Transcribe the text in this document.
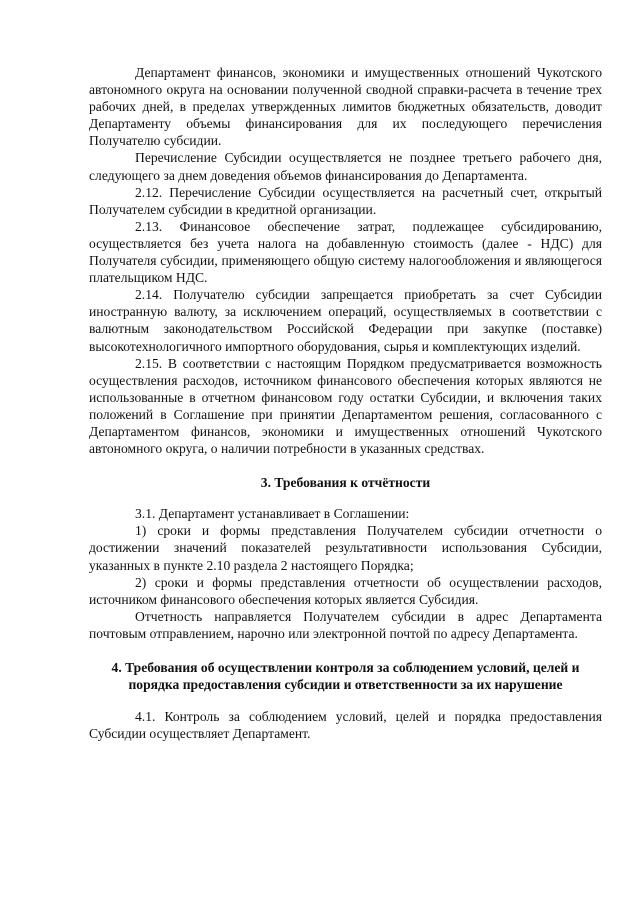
Департамент финансов, экономики и имущественных отношений Чукотского автономного округа на основании полученной сводной справки-расчета в течение трех рабочих дней, в пределах утвержденных лимитов бюджетных обязательств, доводит Департаменту объемы финансирования для их последующего перечисления Получателю субсидии.

Перечисление Субсидии осуществляется не позднее третьего рабочего дня, следующего за днем доведения объемов финансирования до Департамента.

2.12. Перечисление Субсидии осуществляется на расчетный счет, открытый Получателем субсидии в кредитной организации.

2.13. Финансовое обеспечение затрат, подлежащее субсидированию, осуществляется без учета налога на добавленную стоимость (далее - НДС) для Получателя субсидии, применяющего общую систему налогообложения и являющегося плательщиком НДС.

2.14. Получателю субсидии запрещается приобретать за счет Субсидии иностранную валюту, за исключением операций, осуществляемых в соответствии с валютным законодательством Российской Федерации при закупке (поставке) высокотехнологичного импортного оборудования, сырья и комплектующих изделий.

2.15. В соответствии с настоящим Порядком предусматривается возможность осуществления расходов, источником финансового обеспечения которых являются не использованные в отчетном финансовом году остатки Субсидии, и включения таких положений в Соглашение при принятии Департаментом решения, согласованного с Департаментом финансов, экономики и имущественных отношений Чукотского автономного округа, о наличии потребности в указанных средствах.

3. Требования к отчётности

3.1. Департамент устанавливает в Соглашении:

1) сроки и формы представления Получателем субсидии отчетности о достижении значений показателей результативности использования Субсидии, указанных в пункте 2.10 раздела 2 настоящего Порядка;

2) сроки и формы представления отчетности об осуществлении расходов, источником финансового обеспечения которых является Субсидия.

Отчетность направляется Получателем субсидии в адрес Департамента почтовым отправлением, нарочно или электронной почтой по адресу Департамента.

4. Требования об осуществлении контроля за соблюдением условий, целей и порядка предоставления субсидии и ответственности за их нарушение

4.1. Контроль за соблюдением условий, целей и порядка предоставления Субсидии осуществляет Департамент.
